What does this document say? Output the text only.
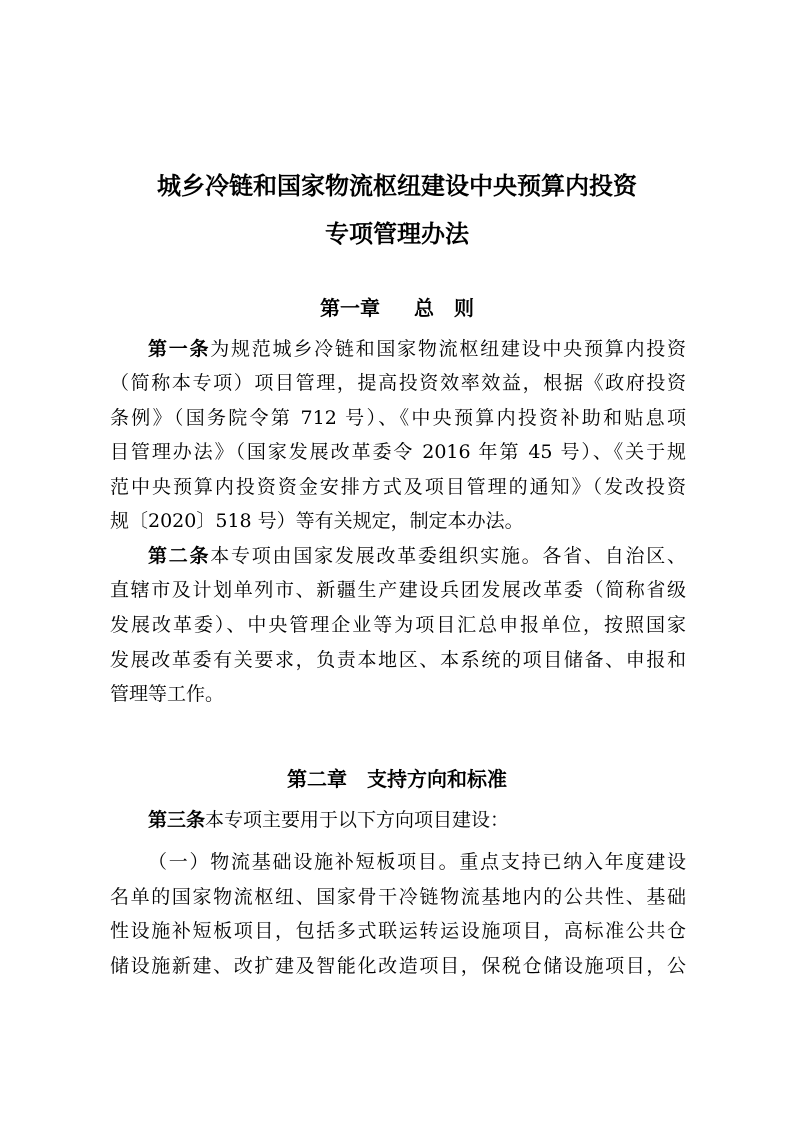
城乡冷链和国家物流枢纽建设中央预算内投资
专项管理办法
第一章 总　则
第一条为规范城乡冷链和国家物流枢纽建设中央预算内投资
（简称本专项）项目管理，提高投资效率效益，根据《政府投资
条例》（国务院令第 712 号）、《中央预算内投资补助和贴息项
目管理办法》（国家发展改革委令 2016 年第 45 号）、《关于规
范中央预算内投资资金安排方式及项目管理的通知》（发改投资
规〔2020〕518 号）等有关规定，制定本办法。
第二条本专项由国家发展改革委组织实施。各省、自治区、
直辖市及计划单列市、新疆生产建设兵团发展改革委（简称省级
发展改革委）、中央管理企业等为项目汇总申报单位，按照国家
发展改革委有关要求，负责本地区、本系统的项目储备、申报和
管理等工作。
第二章 支持方向和标准
第三条本专项主要用于以下方向项目建设：
（一）物流基础设施补短板项目。重点支持已纳入年度建设
名单的国家物流枢纽、国家骨干冷链物流基地内的公共性、基础
性设施补短板项目，包括多式联运转运设施项目，高标准公共仓
储设施新建、改扩建及智能化改造项目，保税仓储设施项目，公
